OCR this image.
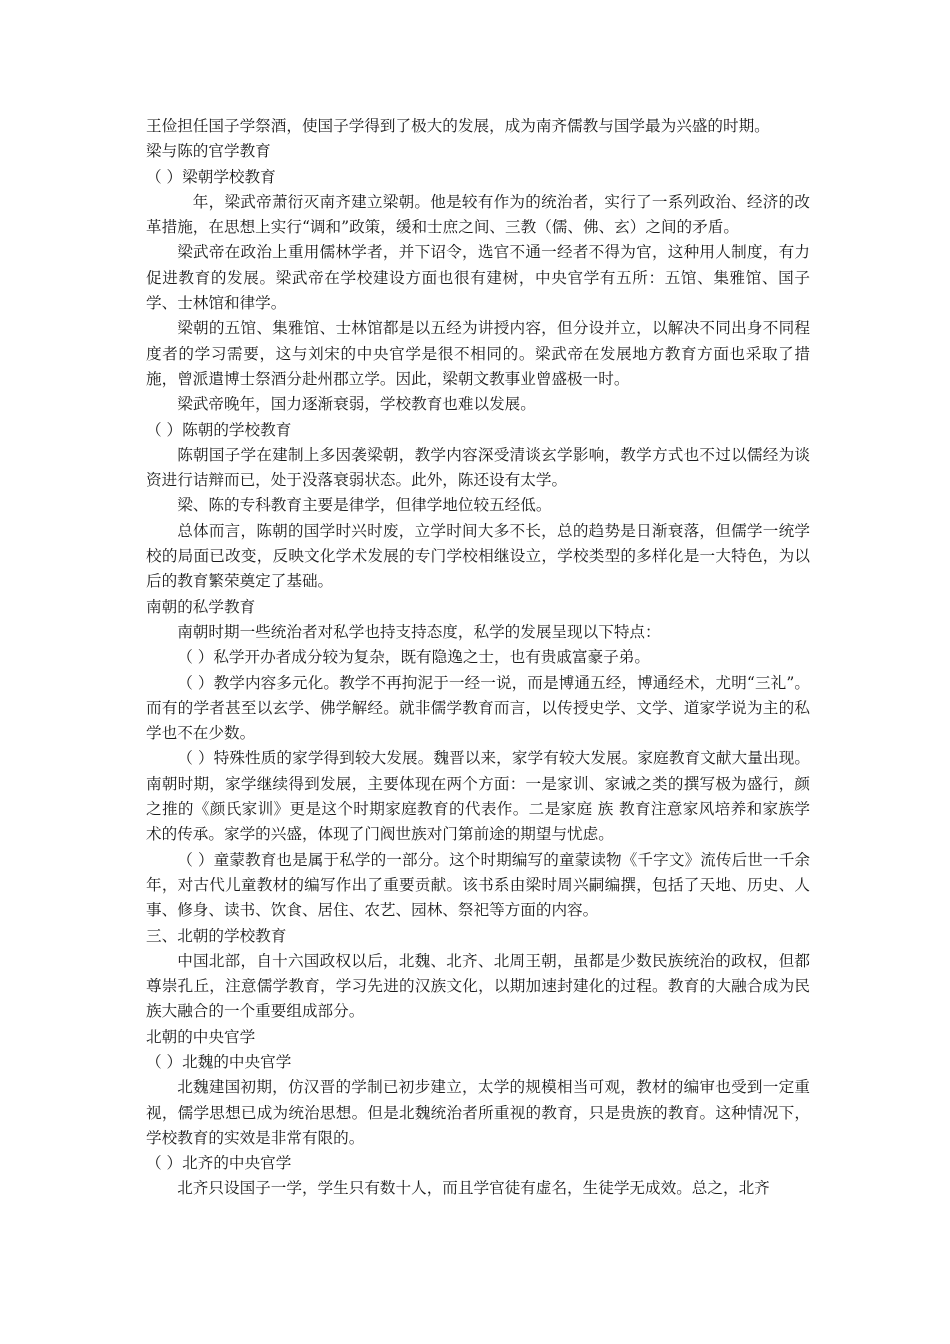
王俭担任国子学祭酒，使国子学得到了极大的发展，成为南齐儒教与国学最为兴盛的时期。

梁与陈的官学教育

（ ）梁朝学校教育

年，梁武帝萧衍灭南齐建立梁朝。他是较有作为的统治者，实行了一系列政治、经济的改革措施，在思想上实行“调和”政策，缓和士庶之间、三教（儒、佛、玄）之间的矛盾。

梁武帝在政治上重用儒林学者，并下诏令，选官不通一经者不得为官，这种用人制度，有力促进教育的发展。梁武帝在学校建设方面也很有建树，中央官学有五所：五馆、集雅馆、国子学、士林馆和律学。

梁朝的五馆、集雅馆、士林馆都是以五经为讲授内容，但分设并立，以解决不同出身不同程度者的学习需要，这与刘宋的中央官学是很不相同的。梁武帝在发展地方教育方面也采取了措施，曾派遣博士祭酒分赴州郡立学。因此，梁朝文教事业曾盛极一时。

梁武帝晚年，国力逐渐衰弱，学校教育也难以发展。

（ ）陈朝的学校教育

陈朝国子学在建制上多因袭梁朝，教学内容深受清谈玄学影响，教学方式也不过以儒经为谈资进行诘辩而已，处于没落衰弱状态。此外，陈还设有太学。

梁、陈的专科教育主要是律学，但律学地位较五经低。

总体而言，陈朝的国学时兴时废，立学时间大多不长，总的趋势是日渐衰落，但儒学一统学校的局面已改变，反映文化学术发展的专门学校相继设立，学校类型的多样化是一大特色，为以后的教育繁荣奠定了基础。

南朝的私学教育

南朝时期一些统治者对私学也持支持态度，私学的发展呈现以下特点：

（ ）私学开办者成分较为复杂，既有隐逸之士，也有贵戚富豪子弟。

（ ）教学内容多元化。教学不再拘泥于一经一说，而是博通五经，博通经术，尤明“三礼”。而有的学者甚至以玄学、佛学解经。就非儒学教育而言，以传授史学、文学、道家学说为主的私学也不在少数。

（ ）特殊性质的家学得到较大发展。魏晋以来，家学有较大发展。家庭教育文献大量出现。南朝时期，家学继续得到发展，主要体现在两个方面：一是家训、家诫之类的撰写极为盛行，颜之推的《颜氏家训》更是这个时期家庭教育的代表作。二是家庭 族 教育注意家风培养和家族学术的传承。家学的兴盛，体现了门阀世族对门第前途的期望与忧虑。

（ ）童蒙教育也是属于私学的一部分。这个时期编写的童蒙读物《千字文》流传后世一千余年，对古代儿童教材的编写作出了重要贡献。该书系由梁时周兴嗣编撰，包括了天地、历史、人事、修身、读书、饮食、居住、农艺、园林、祭祀等方面的内容。

三、北朝的学校教育

中国北部，自十六国政权以后，北魏、北齐、北周王朝，虽都是少数民族统治的政权，但都尊崇孔丘，注意儒学教育，学习先进的汉族文化，以期加速封建化的过程。教育的大融合成为民族大融合的一个重要组成部分。

北朝的中央官学

（ ）北魏的中央官学

北魏建国初期，仿汉晋的学制已初步建立，太学的规模相当可观，教材的编审也受到一定重视，儒学思想已成为统治思想。但是北魏统治者所重视的教育，只是贵族的教育。这种情况下，学校教育的实效是非常有限的。

（ ）北齐的中央官学

北齐只设国子一学，学生只有数十人，而且学官徒有虚名，生徒学无成效。总之，北齐
